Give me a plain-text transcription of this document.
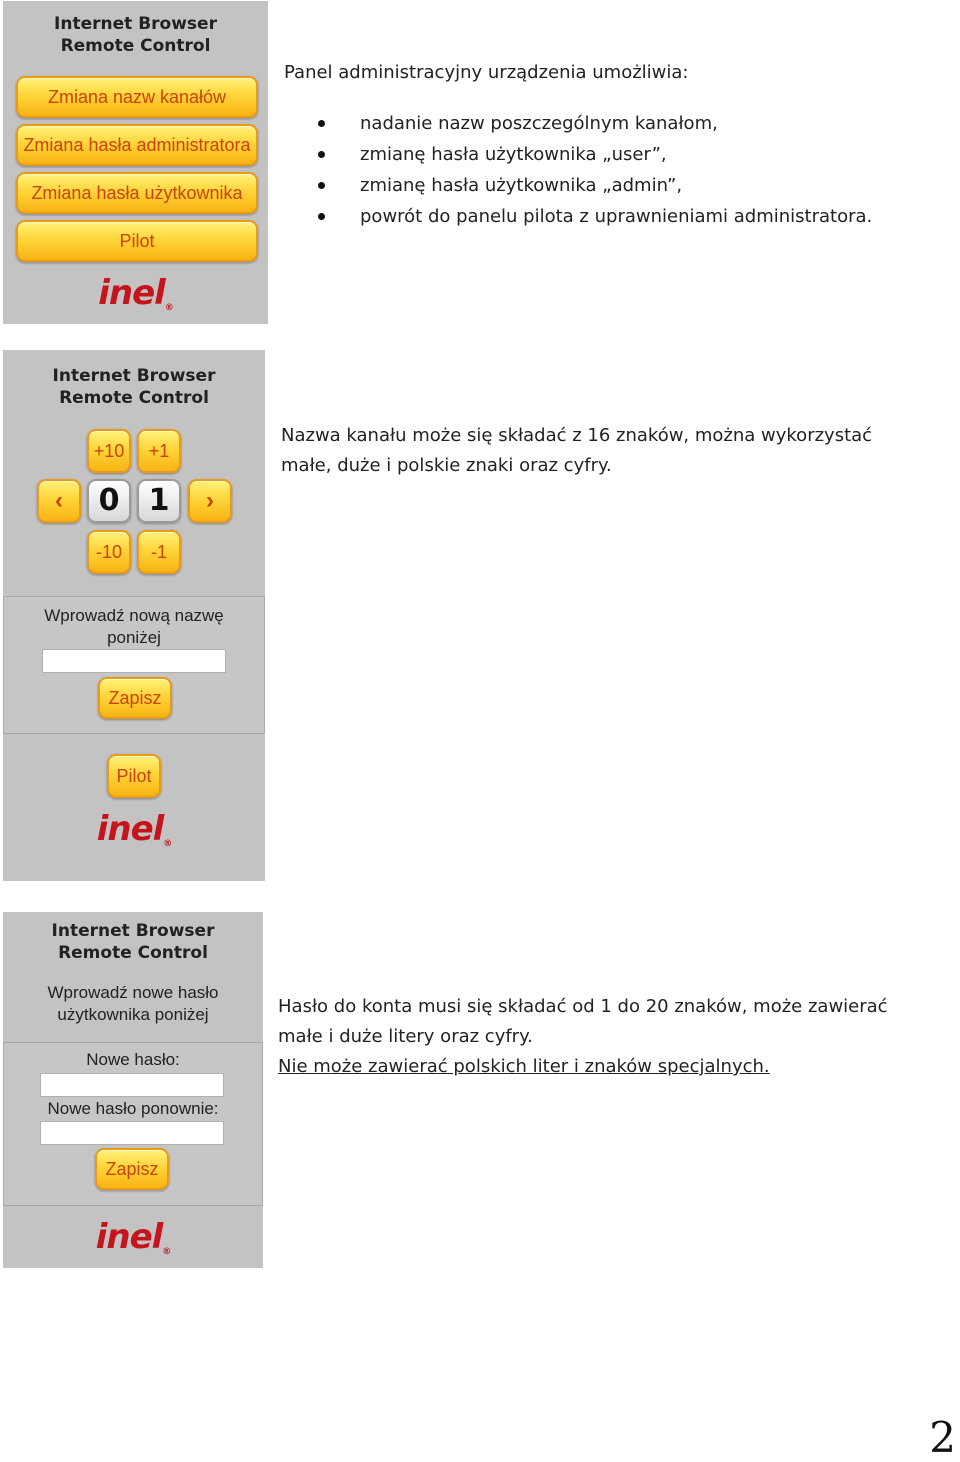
Internet Browser
Remote Control
Zmiana nazw kanałów
Zmiana hasła administratora
Zmiana hasła użytkownika
Pilot
inel®
Panel administracyjny urządzenia umożliwia:
nadanie nazw poszczególnym kanałom,
zmianę hasła użytkownika „user”,
zmianę hasła użytkownika „admin”,
powrót do panelu pilota z uprawnieniami administratora.
Internet Browser
Remote Control
+10	+1
‹	0 1	›
-10	-1
Wprowadź nową nazwę
poniżej
Zapisz
Pilot
inel®
Nazwa kanału może się składać z 16 znaków, można wykorzystać
małe, duże i polskie znaki oraz cyfry.
Internet Browser
Remote Control
Wprowadź nowe hasło
użytkownika poniżej
Nowe hasło:
Nowe hasło ponownie:
Zapisz
inel®
Hasło do konta musi się składać od 1 do 20 znaków, może zawierać
małe i duże litery oraz cyfry.
Nie może zawierać polskich liter i znaków specjalnych.
2
